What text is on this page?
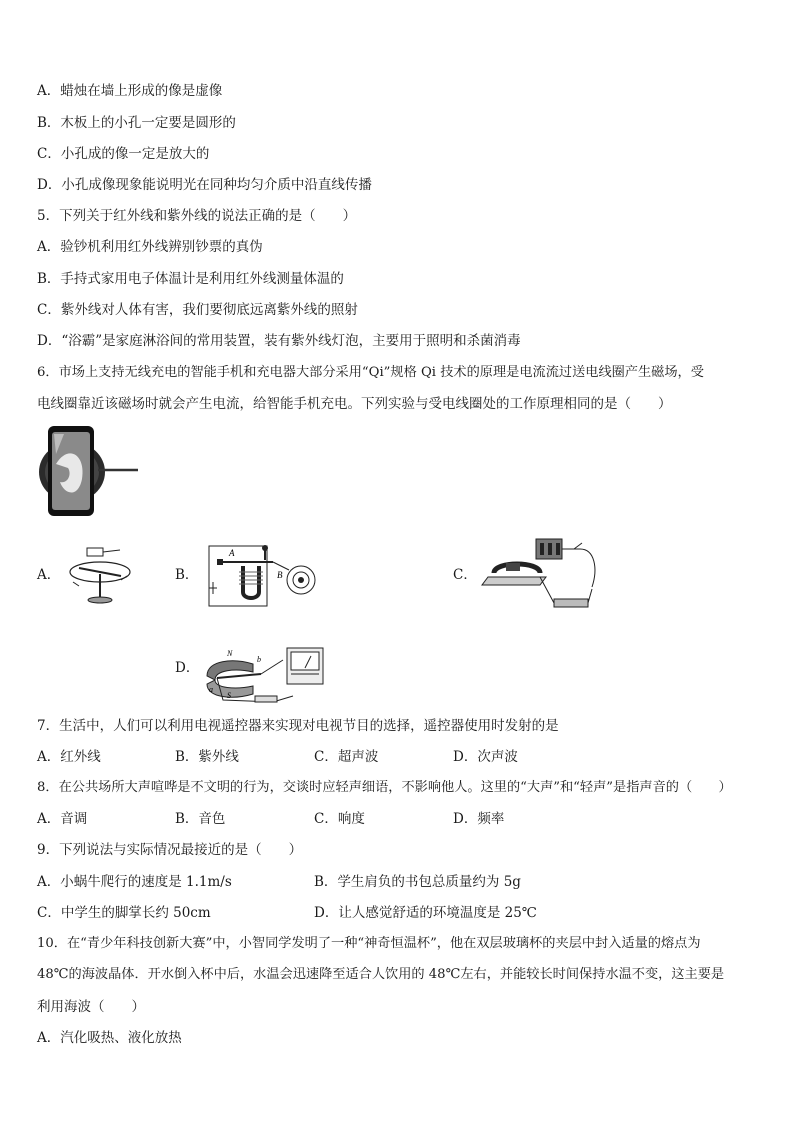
A．蜡烛在墙上形成的像是虚像
B．木板上的小孔一定要是圆形的
C．小孔成的像一定是放大的
D．小孔成像现象能说明光在同种均匀介质中沿直线传播
5．下列关于红外线和紫外线的说法正确的是（　　）
A．验钞机利用红外线辨别钞票的真伪
B．手持式家用电子体温计是利用红外线测量体温的
C．紫外线对人体有害，我们要彻底远离紫外线的照射
D．“浴霸”是家庭淋浴间的常用装置，装有紫外线灯泡，主要用于照明和杀菌消毒
6．市场上支持无线充电的智能手机和充电器大部分采用“Qi”规格 Qi 技术的原理是电流流过送电线圈产生磁场，受
电线圈靠近该磁场时就会产生电流，给智能手机充电。下列实验与受电线圈处的工作原理相同的是（　　）
A．	B．	C．
D．
A
B
N
S
a
b
7．生活中，人们可以利用电视遥控器来实现对电视节目的选择，遥控器使用时发射的是
A．红外线	B．紫外线	C．超声波	D．次声波
8．在公共场所大声喧哗是不文明的行为，交谈时应轻声细语，不影响他人。这里的“大声”和“轻声”是指声音的（　　）
A．音调	B．音色	C．响度	D．频率
9．下列说法与实际情况最接近的是（　　）
A．小蜗牛爬行的速度是 1.1m/s	B．学生肩负的书包总质量约为 5g
C．中学生的脚掌长约 50cm	D．让人感觉舒适的环境温度是 25℃
10．在“青少年科技创新大赛”中，小智同学发明了一种“神奇恒温杯”，他在双层玻璃杯的夹层中封入适量的熔点为
48℃的海波晶体．开水倒入杯中后，水温会迅速降至适合人饮用的 48℃左右，并能较长时间保持水温不变，这主要是
利用海波（　　）
A．汽化吸热、液化放热
